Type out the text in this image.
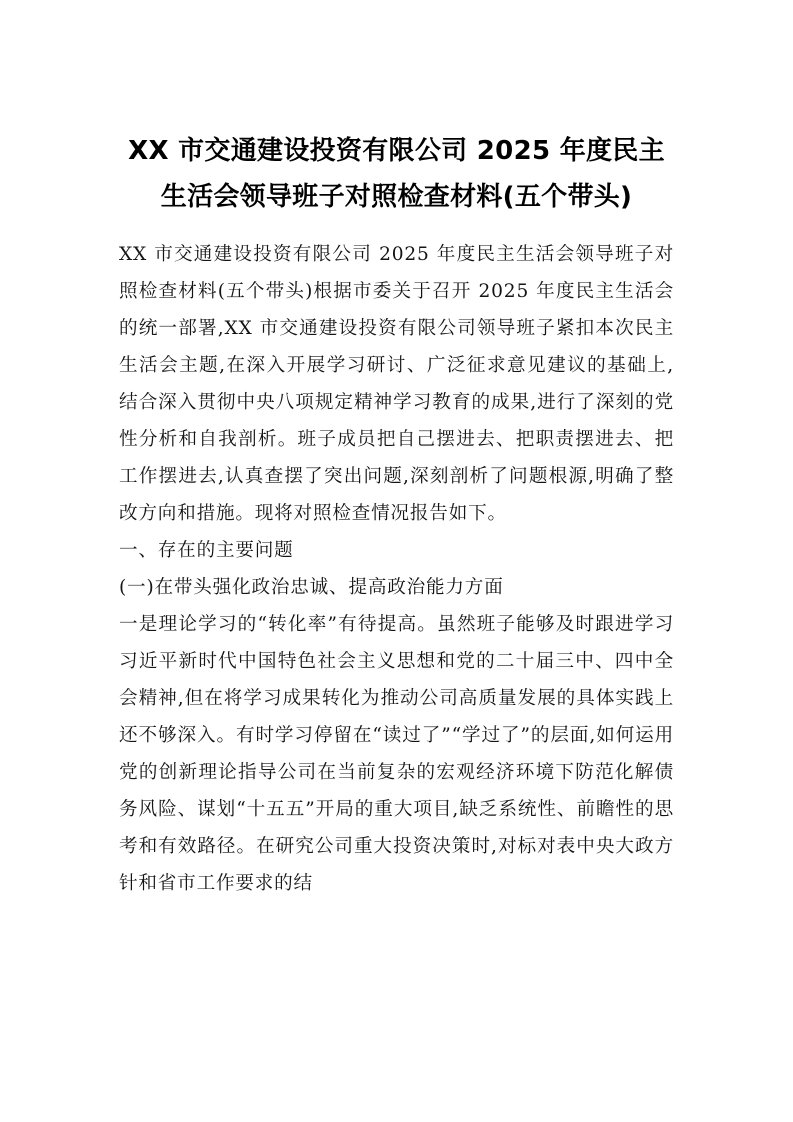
XX 市交通建设投资有限公司 2025 年度民主
生活会领导班子对照检查材料(五个带头)

XX 市交通建设投资有限公司 2025 年度民主生活会领导班子对照检查材料(五个带头)根据市委关于召开 2025 年度民主生活会的统一部署,XX 市交通建设投资有限公司领导班子紧扣本次民主生活会主题,在深入开展学习研讨、广泛征求意见建议的基础上,结合深入贯彻中央八项规定精神学习教育的成果,进行了深刻的党性分析和自我剖析。班子成员把自己摆进去、把职责摆进去、把工作摆进去,认真查摆了突出问题,深刻剖析了问题根源,明确了整改方向和措施。现将对照检查情况报告如下。

一、存在的主要问题

(一)在带头强化政治忠诚、提高政治能力方面

一是理论学习的“转化率”有待提高。虽然班子能够及时跟进学习习近平新时代中国特色社会主义思想和党的二十届三中、四中全会精神,但在将学习成果转化为推动公司高质量发展的具体实践上还不够深入。有时学习停留在“读过了”“学过了”的层面,如何运用党的创新理论指导公司在当前复杂的宏观经济环境下防范化解债务风险、谋划“十五五”开局的重大项目,缺乏系统性、前瞻性的思考和有效路径。在研究公司重大投资决策时,对标对表中央大政方针和省市工作要求的结
